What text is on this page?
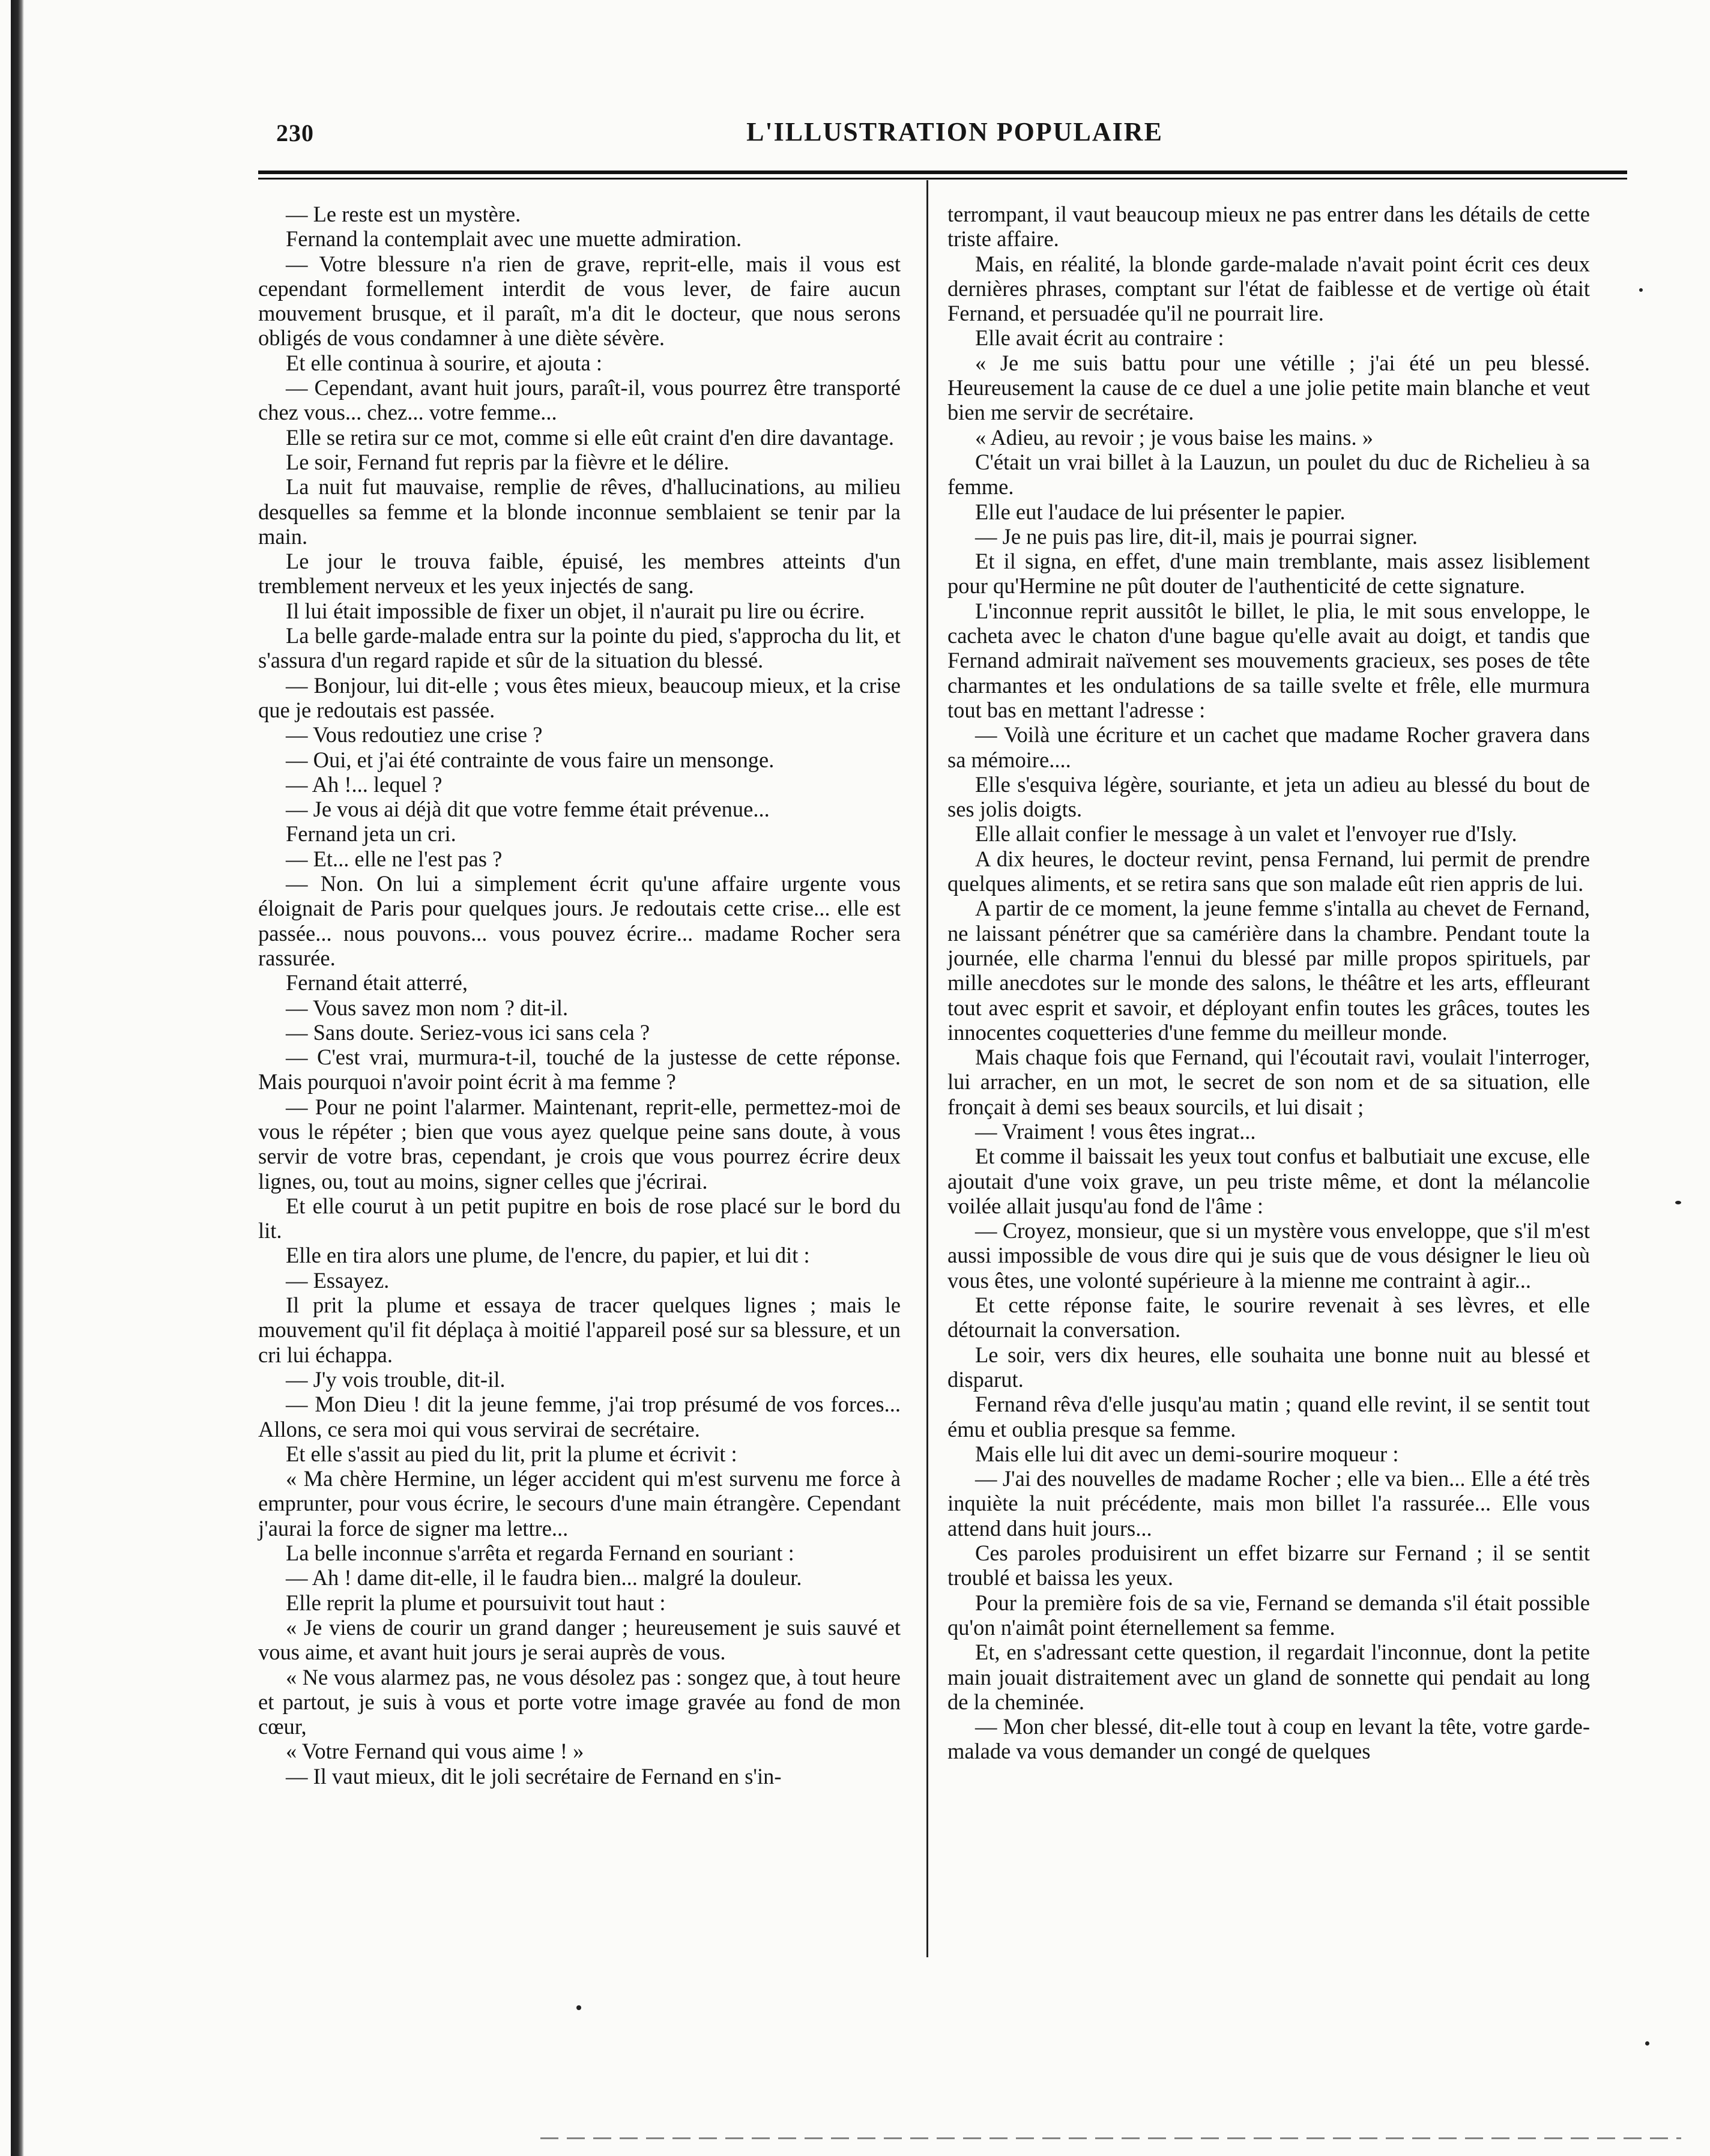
230	L'ILLUSTRATION POPULAIRE

— Le reste est un mystère.

Fernand la contemplait avec une muette admiration.

— Votre blessure n'a rien de grave, reprit-elle, mais il vous est cependant formellement interdit de vous lever, de faire aucun mouvement brusque, et il paraît, m'a dit le docteur, que nous serons obligés de vous condamner à une diète sévère.

Et elle continua à sourire, et ajouta :

— Cependant, avant huit jours, paraît-il, vous pourrez être transporté chez vous... chez... votre femme...

Elle se retira sur ce mot, comme si elle eût craint d'en dire davantage.

Le soir, Fernand fut repris par la fièvre et le délire.

La nuit fut mauvaise, remplie de rêves, d'hallucinations, au milieu desquelles sa femme et la blonde inconnue semblaient se tenir par la main.

Le jour le trouva faible, épuisé, les membres atteints d'un tremblement nerveux et les yeux injectés de sang.

Il lui était impossible de fixer un objet, il n'aurait pu lire ou écrire.

La belle garde-malade entra sur la pointe du pied, s'approcha du lit, et s'assura d'un regard rapide et sûr de la situation du blessé.

— Bonjour, lui dit-elle ; vous êtes mieux, beaucoup mieux, et la crise que je redoutais est passée.

— Vous redoutiez une crise ?

— Oui, et j'ai été contrainte de vous faire un mensonge.

— Ah !... lequel ?

— Je vous ai déjà dit que votre femme était prévenue...

Fernand jeta un cri.

— Et... elle ne l'est pas ?

— Non. On lui a simplement écrit qu'une affaire urgente vous éloignait de Paris pour quelques jours. Je redoutais cette crise... elle est passée... nous pouvons... vous pouvez écrire... madame Rocher sera rassurée.

Fernand était atterré,

— Vous savez mon nom ? dit-il.

— Sans doute. Seriez-vous ici sans cela ?

— C'est vrai, murmura-t-il, touché de la justesse de cette réponse. Mais pourquoi n'avoir point écrit à ma femme ?

— Pour ne point l'alarmer. Maintenant, reprit-elle, permettez-moi de vous le répéter ; bien que vous ayez quelque peine sans doute, à vous servir de votre bras, cependant, je crois que vous pourrez écrire deux lignes, ou, tout au moins, signer celles que j'écrirai.

Et elle courut à un petit pupitre en bois de rose placé sur le bord du lit.

Elle en tira alors une plume, de l'encre, du papier, et lui dit :

— Essayez.

Il prit la plume et essaya de tracer quelques lignes ; mais le mouvement qu'il fit déplaça à moitié l'appareil posé sur sa blessure, et un cri lui échappa.

— J'y vois trouble, dit-il.

— Mon Dieu ! dit la jeune femme, j'ai trop présumé de vos forces... Allons, ce sera moi qui vous servirai de secrétaire.

Et elle s'assit au pied du lit, prit la plume et écrivit :

« Ma chère Hermine, un léger accident qui m'est survenu me force à emprunter, pour vous écrire, le secours d'une main étrangère. Cependant j'aurai la force de signer ma lettre...

La belle inconnue s'arrêta et regarda Fernand en souriant :

— Ah ! dame dit-elle, il le faudra bien... malgré la douleur.

Elle reprit la plume et poursuivit tout haut :

« Je viens de courir un grand danger ; heureusement je suis sauvé et vous aime, et avant huit jours je serai auprès de vous.

« Ne vous alarmez pas, ne vous désolez pas : songez que, à tout heure et partout, je suis à vous et porte votre image gravée au fond de mon cœur,

« Votre Fernand qui vous aime ! »

— Il vaut mieux, dit le joli secrétaire de Fernand en s'in-

terrompant, il vaut beaucoup mieux ne pas entrer dans les détails de cette triste affaire.

Mais, en réalité, la blonde garde-malade n'avait point écrit ces deux dernières phrases, comptant sur l'état de faiblesse et de vertige où était Fernand, et persuadée qu'il ne pourrait lire.

Elle avait écrit au contraire :

« Je me suis battu pour une vétille ; j'ai été un peu blessé. Heureusement la cause de ce duel a une jolie petite main blanche et veut bien me servir de secrétaire.

« Adieu, au revoir ; je vous baise les mains. »

C'était un vrai billet à la Lauzun, un poulet du duc de Richelieu à sa femme.

Elle eut l'audace de lui présenter le papier.

— Je ne puis pas lire, dit-il, mais je pourrai signer.

Et il signa, en effet, d'une main tremblante, mais assez lisiblement pour qu'Hermine ne pût douter de l'authenticité de cette signature.

L'inconnue reprit aussitôt le billet, le plia, le mit sous enveloppe, le cacheta avec le chaton d'une bague qu'elle avait au doigt, et tandis que Fernand admirait naïvement ses mouvements gracieux, ses poses de tête charmantes et les ondulations de sa taille svelte et frêle, elle murmura tout bas en mettant l'adresse :

— Voilà une écriture et un cachet que madame Rocher gravera dans sa mémoire....

Elle s'esquiva légère, souriante, et jeta un adieu au blessé du bout de ses jolis doigts.

Elle allait confier le message à un valet et l'envoyer rue d'Isly.

A dix heures, le docteur revint, pensa Fernand, lui permit de prendre quelques aliments, et se retira sans que son malade eût rien appris de lui.

A partir de ce moment, la jeune femme s'intalla au chevet de Fernand, ne laissant pénétrer que sa camérière dans la chambre. Pendant toute la journée, elle charma l'ennui du blessé par mille propos spirituels, par mille anecdotes sur le monde des salons, le théâtre et les arts, effleurant tout avec esprit et savoir, et déployant enfin toutes les grâces, toutes les innocentes coquetteries d'une femme du meilleur monde.

Mais chaque fois que Fernand, qui l'écoutait ravi, voulait l'interroger, lui arracher, en un mot, le secret de son nom et de sa situation, elle fronçait à demi ses beaux sourcils, et lui disait ;

— Vraiment ! vous êtes ingrat...

Et comme il baissait les yeux tout confus et balbutiait une excuse, elle ajoutait d'une voix grave, un peu triste même, et dont la mélancolie voilée allait jusqu'au fond de l'âme :

— Croyez, monsieur, que si un mystère vous enveloppe, que s'il m'est aussi impossible de vous dire qui je suis que de vous désigner le lieu où vous êtes, une volonté supérieure à la mienne me contraint à agir...

Et cette réponse faite, le sourire revenait à ses lèvres, et elle détournait la conversation.

Le soir, vers dix heures, elle souhaita une bonne nuit au blessé et disparut.

Fernand rêva d'elle jusqu'au matin ; quand elle revint, il se sentit tout ému et oublia presque sa femme.

Mais elle lui dit avec un demi-sourire moqueur :

— J'ai des nouvelles de madame Rocher ; elle va bien... Elle a été très inquiète la nuit précédente, mais mon billet l'a rassurée... Elle vous attend dans huit jours...

Ces paroles produisirent un effet bizarre sur Fernand ; il se sentit troublé et baissa les yeux.

Pour la première fois de sa vie, Fernand se demanda s'il était possible qu'on n'aimât point éternellement sa femme.

Et, en s'adressant cette question, il regardait l'inconnue, dont la petite main jouait distraitement avec un gland de sonnette qui pendait au long de la cheminée.

— Mon cher blessé, dit-elle tout à coup en levant la tête, votre garde-malade va vous demander un congé de quelques
